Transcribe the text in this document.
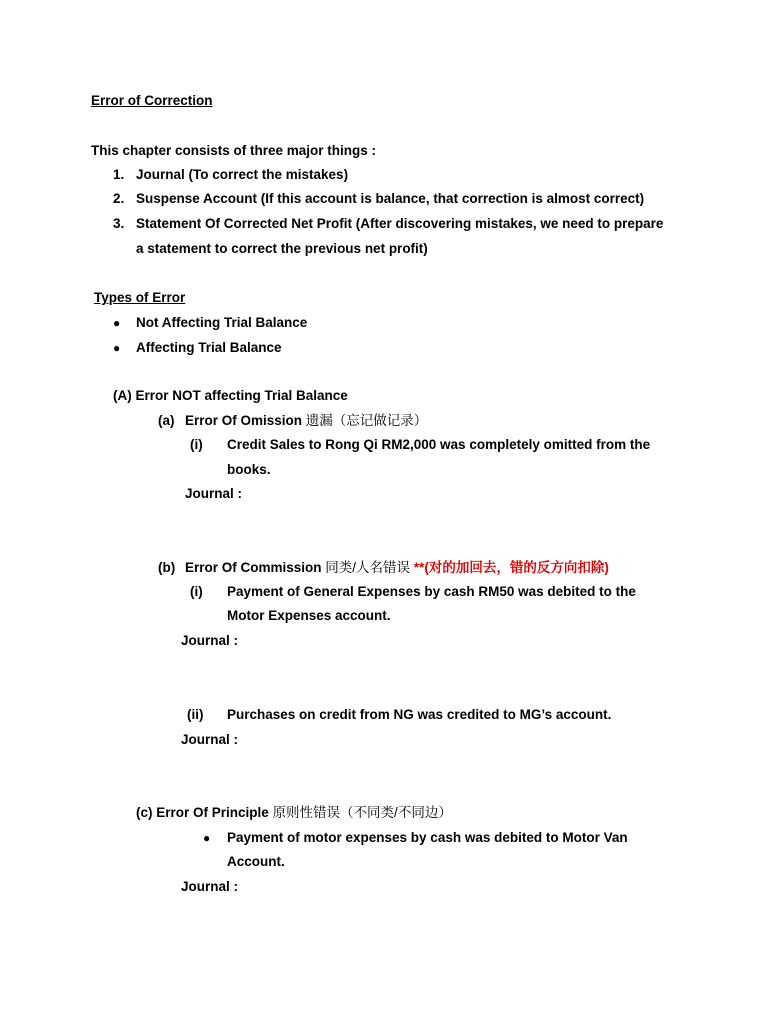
Error of Correction
This chapter consists of three major things :
1. Journal (To correct the mistakes)
2. Suspense Account (If this account is balance, that correction is almost correct)
3. Statement Of Corrected Net Profit (After discovering mistakes, we need to prepare
a statement to correct the previous net profit)
Types of Error
● Not Affecting Trial Balance
● Affecting Trial Balance
(A) Error NOT affecting Trial Balance
(a) Error Of Omission 遗漏（忘记做记录）
(i) Credit Sales to Rong Qi RM2,000 was completely omitted from the
books.
Journal :
(b) Error Of Commission 同类/人名错误 **(对的加回去，错的反方向扣除)
(i) Payment of General Expenses by cash RM50 was debited to the
Motor Expenses account.
Journal :
(ii) Purchases on credit from NG was credited to MG’s account.
Journal :
(c) Error Of Principle 原则性错误（不同类/不同边）
● Payment of motor expenses by cash was debited to Motor Van
Account.
Journal :
